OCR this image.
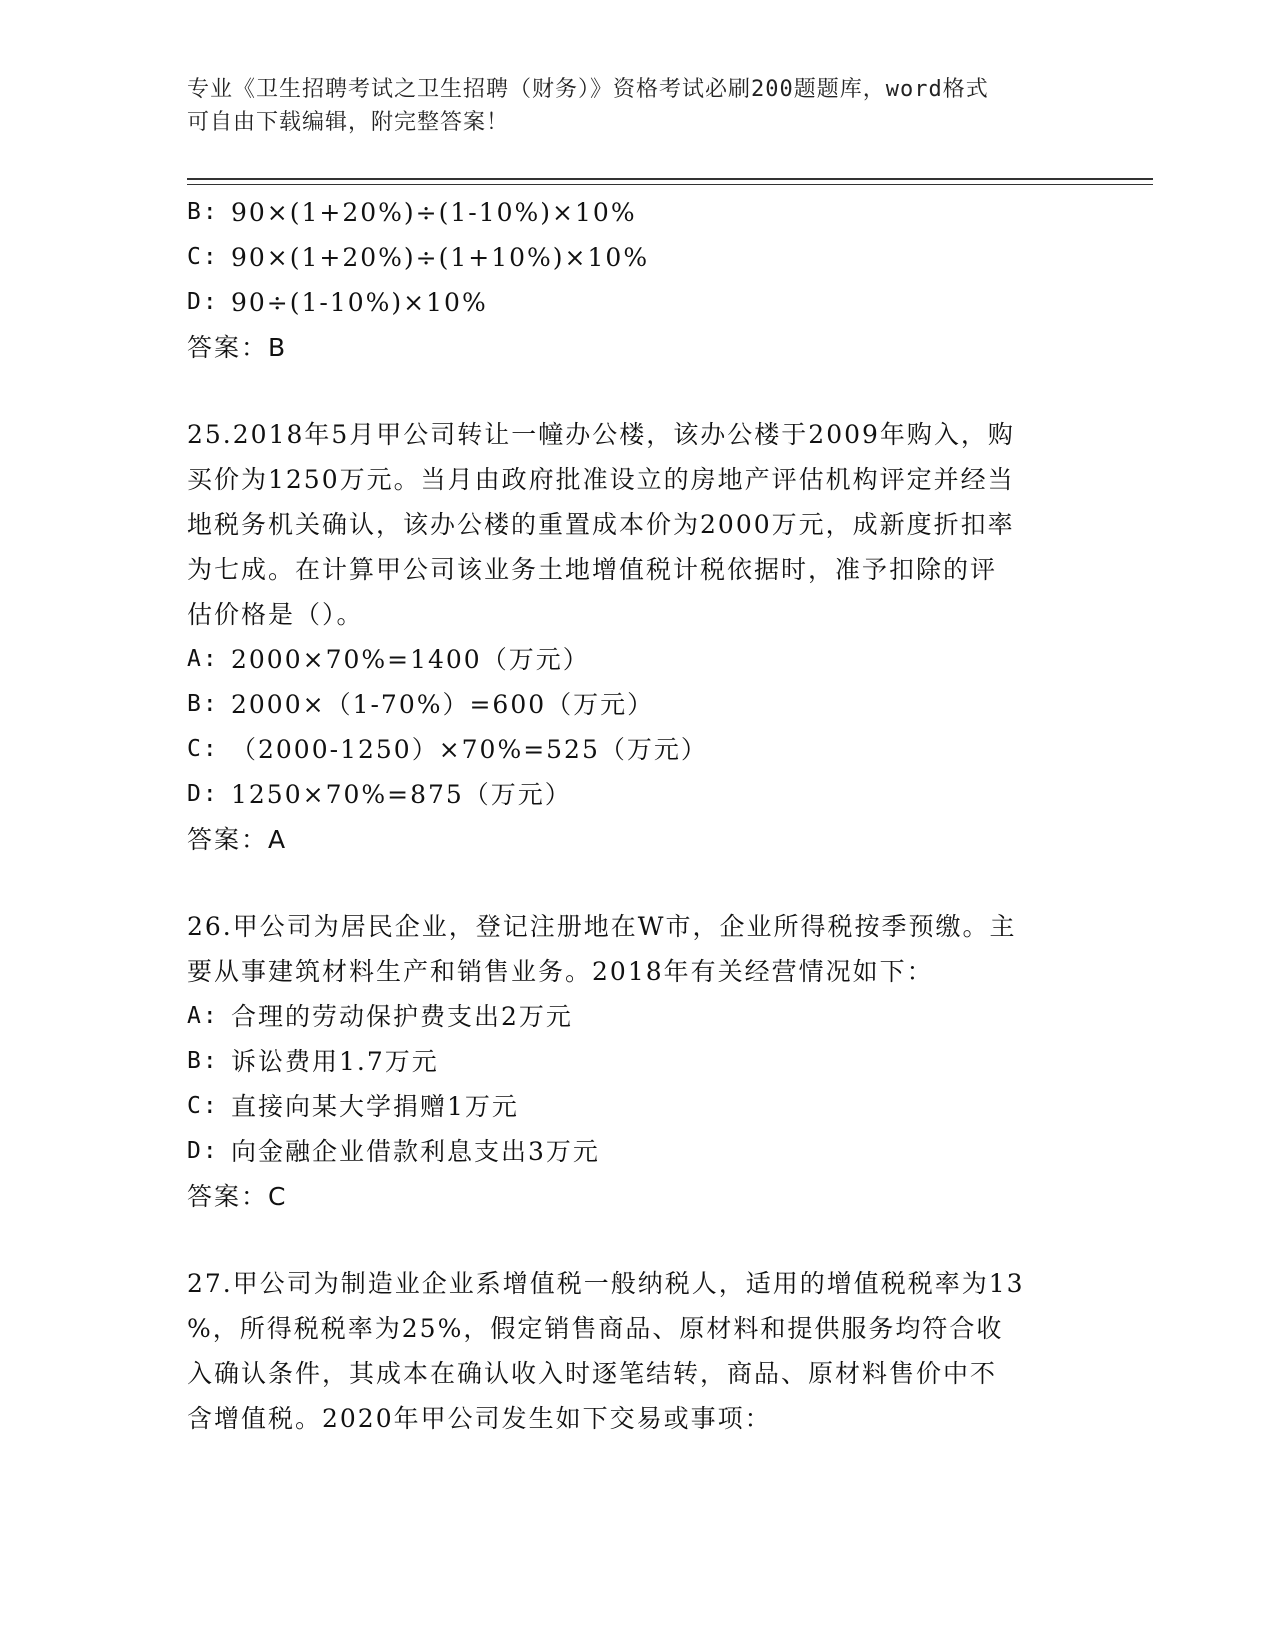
专业《卫生招聘考试之卫生招聘（财务）》资格考试必刷200题题库，word格式
可自由下载编辑，附完整答案！
B: 90×(1+20%)÷(1-10%)×10%
C: 90×(1+20%)÷(1+10%)×10%
D: 90÷(1-10%)×10%
答案：B
25.2018年5月甲公司转让一幢办公楼，该办公楼于2009年购入，购
买价为1250万元。当月由政府批准设立的房地产评估机构评定并经当
地税务机关确认，该办公楼的重置成本价为2000万元，成新度折扣率
为七成。在计算甲公司该业务土地增值税计税依据时，准予扣除的评
估价格是（）。
A: 2000×70%=1400（万元）
B: 2000×（1-70%）=600（万元）
C: （2000-1250）×70%=525（万元）
D: 1250×70%=875（万元）
答案：A
26.甲公司为居民企业，登记注册地在W市，企业所得税按季预缴。主
要从事建筑材料生产和销售业务。2018年有关经营情况如下：
A: 合理的劳动保护费支出2万元
B: 诉讼费用1.7万元
C: 直接向某大学捐赠1万元
D: 向金融企业借款利息支出3万元
答案：C
27.甲公司为制造业企业系增值税一般纳税人，适用的增值税税率为13
%，所得税税率为25%，假定销售商品、原材料和提供服务均符合收
入确认条件，其成本在确认收入时逐笔结转，商品、原材料售价中不
含增值税。2020年甲公司发生如下交易或事项：
